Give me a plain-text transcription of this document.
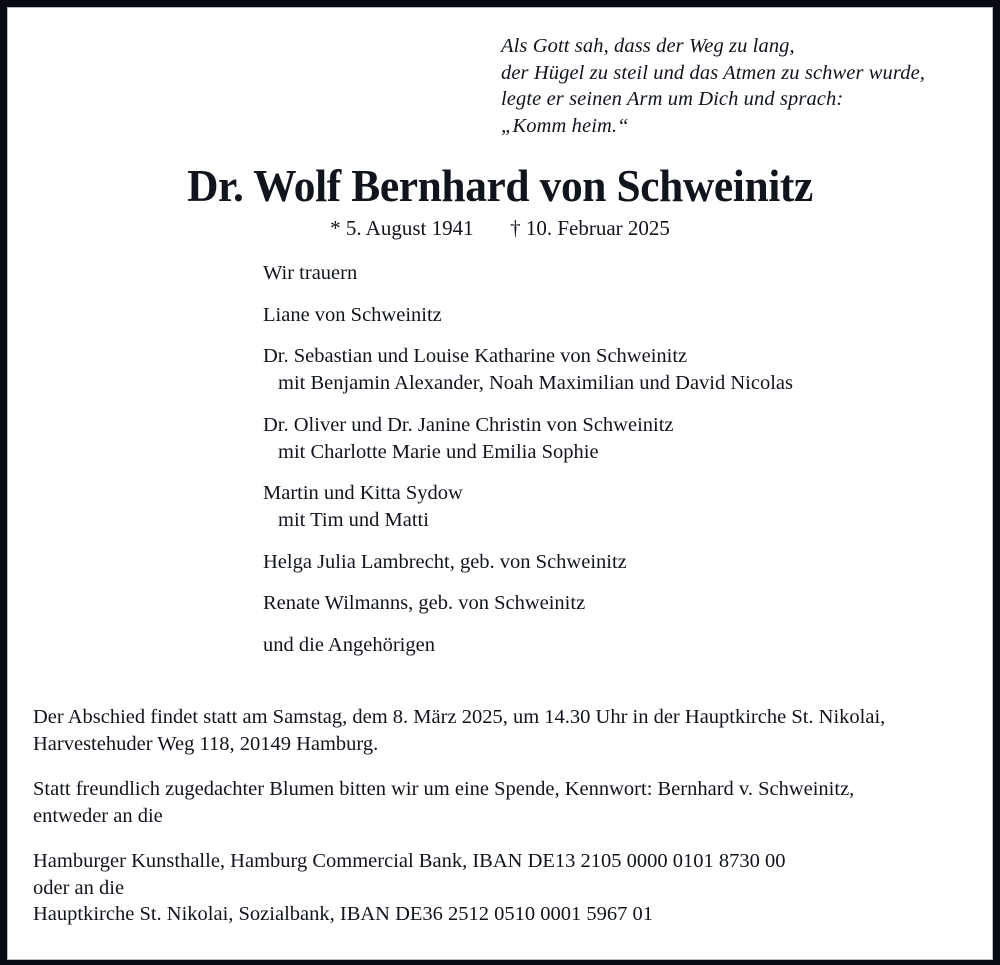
Als Gott sah, dass der Weg zu lang,
der Hügel zu steil und das Atmen zu schwer wurde,
legte er seinen Arm um Dich und sprach:
„Komm heim.“
Dr. Wolf Bernhard von Schweinitz
* 5. August 1941 † 10. Februar 2025
Wir trauern
Liane von Schweinitz
Dr. Sebastian und Louise Katharine von Schweinitz
mit Benjamin Alexander, Noah Maximilian und David Nicolas
Dr. Oliver und Dr. Janine Christin von Schweinitz
mit Charlotte Marie und Emilia Sophie
Martin und Kitta Sydow
mit Tim und Matti
Helga Julia Lambrecht, geb. von Schweinitz
Renate Wilmanns, geb. von Schweinitz
und die Angehörigen

Der Abschied findet statt am Samstag, dem 8. März 2025, um 14.30 Uhr in der Hauptkirche St. Nikolai,
Harvestehuder Weg 118, 20149 Hamburg.

Statt freundlich zugedachter Blumen bitten wir um eine Spende, Kennwort: Bernhard v. Schweinitz,
entweder an die

Hamburger Kunsthalle, Hamburg Commercial Bank, IBAN DE13 2105 0000 0101 8730 00
oder an die
Hauptkirche St. Nikolai, Sozialbank, IBAN DE36 2512 0510 0001 5967 01
